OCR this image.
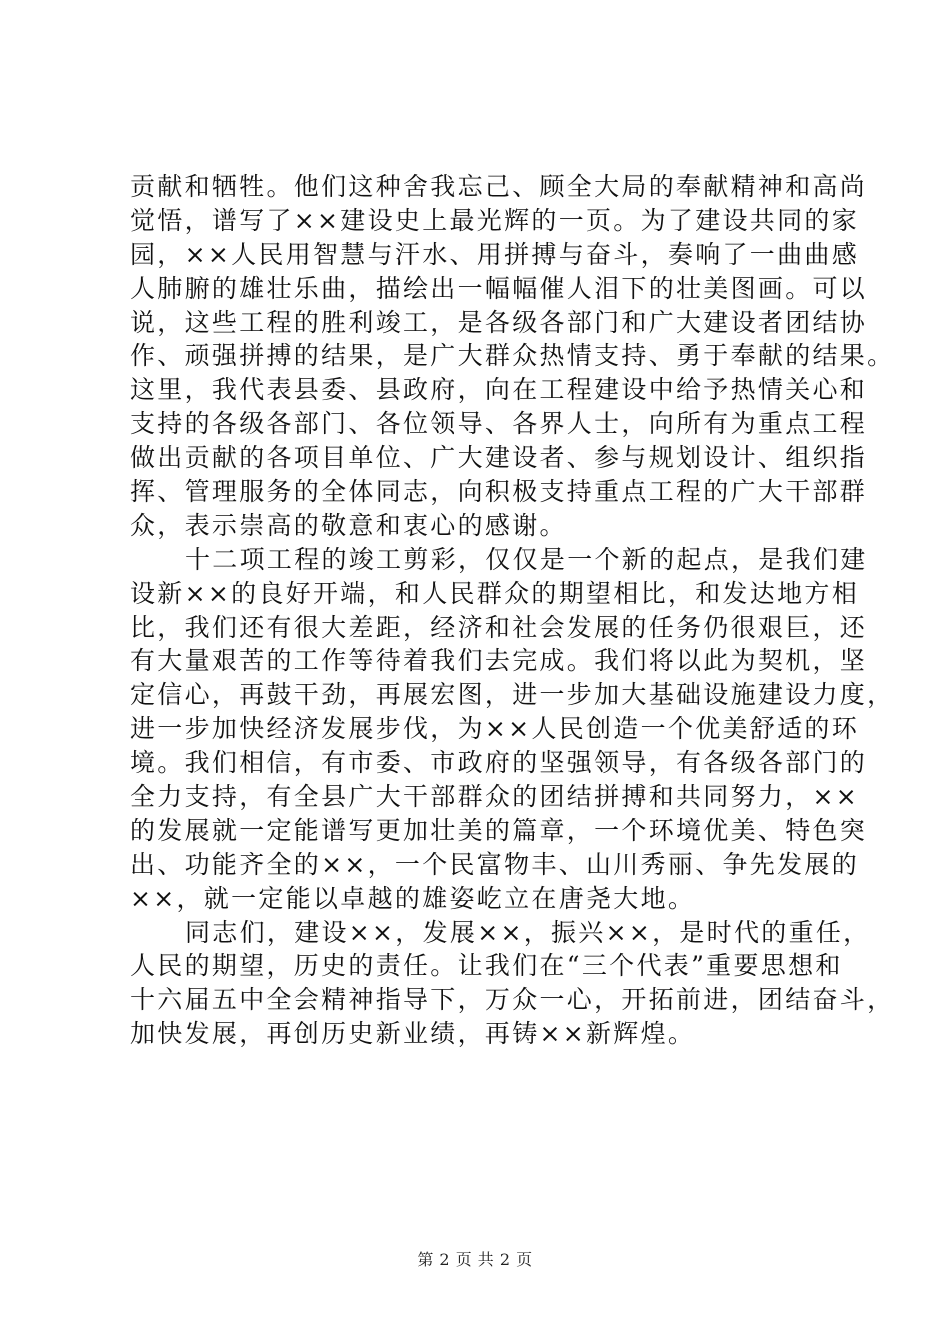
贡献和牺牲。他们这种舍我忘己、顾全大局的奉献精神和高尚
觉悟，谱写了××建设史上最光辉的一页。为了建设共同的家
园，××人民用智慧与汗水、用拼搏与奋斗，奏响了一曲曲感
人肺腑的雄壮乐曲，描绘出一幅幅催人泪下的壮美图画。可以
说，这些工程的胜利竣工，是各级各部门和广大建设者团结协
作、顽强拼搏的结果，是广大群众热情支持、勇于奉献的结果。
这里，我代表县委、县政府，向在工程建设中给予热情关心和
支持的各级各部门、各位领导、各界人士，向所有为重点工程
做出贡献的各项目单位、广大建设者、参与规划设计、组织指
挥、管理服务的全体同志，向积极支持重点工程的广大干部群
众，表示崇高的敬意和衷心的感谢。
十二项工程的竣工剪彩，仅仅是一个新的起点，是我们建
设新××的良好开端，和人民群众的期望相比，和发达地方相
比，我们还有很大差距，经济和社会发展的任务仍很艰巨，还
有大量艰苦的工作等待着我们去完成。我们将以此为契机，坚
定信心，再鼓干劲，再展宏图，进一步加大基础设施建设力度，
进一步加快经济发展步伐，为××人民创造一个优美舒适的环
境。我们相信，有市委、市政府的坚强领导，有各级各部门的
全力支持，有全县广大干部群众的团结拼搏和共同努力，××
的发展就一定能谱写更加壮美的篇章，一个环境优美、特色突
出、功能齐全的××，一个民富物丰、山川秀丽、争先发展的
××，就一定能以卓越的雄姿屹立在唐尧大地。
同志们，建设××，发展××，振兴××，是时代的重任，
人民的期望，历史的责任。让我们在“三个代表”重要思想和
十六届五中全会精神指导下，万众一心，开拓前进，团结奋斗，
加快发展，再创历史新业绩，再铸××新辉煌。
第 2 页 共 2 页
